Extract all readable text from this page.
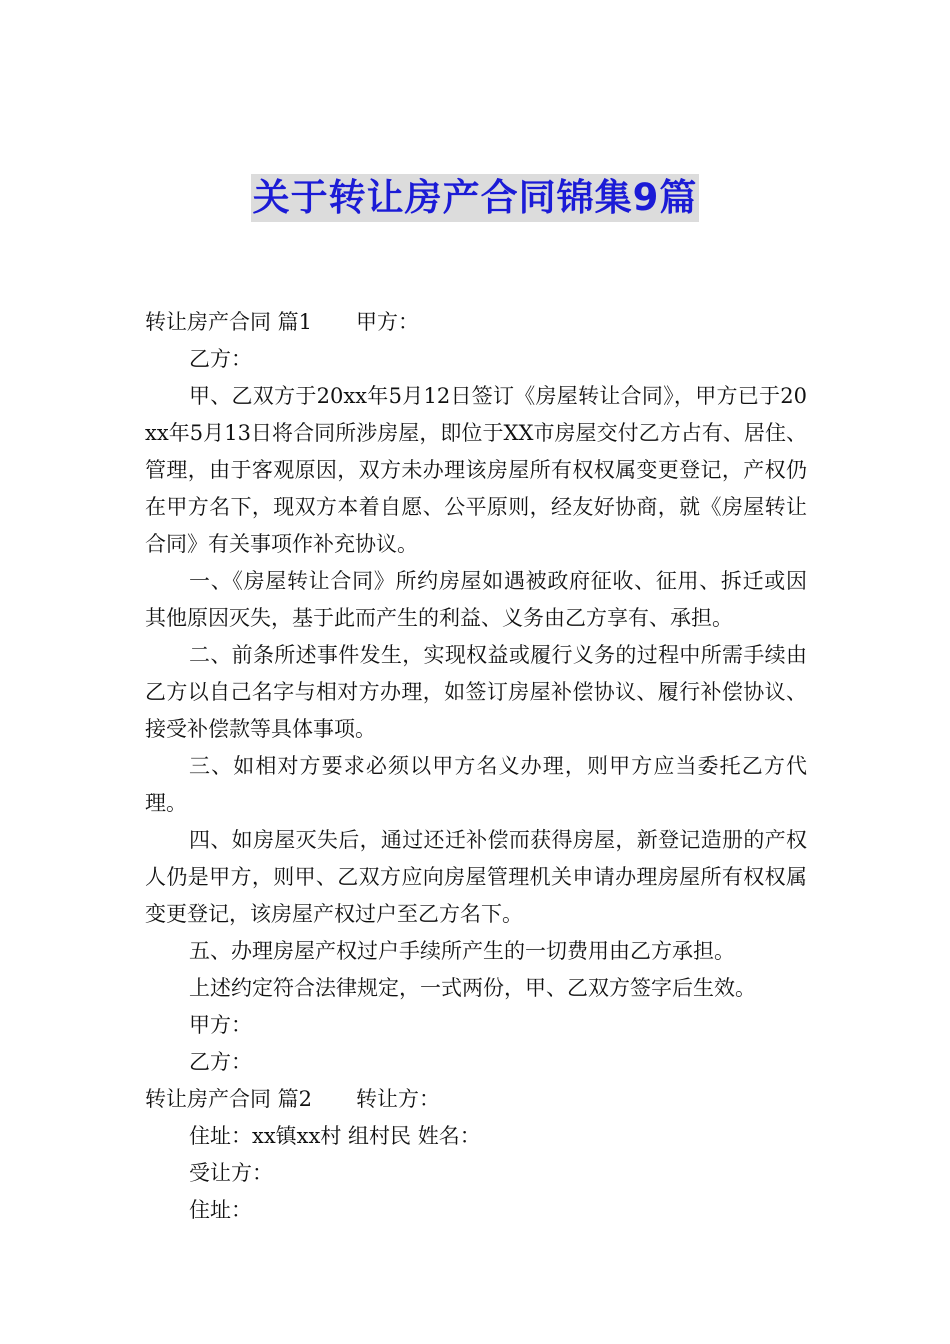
关于转让房产合同锦集9篇

转让房产合同 篇1 甲方：

乙方：

甲、乙双方于20xx年5月12日签订《房屋转让合同》，甲方已于20xx年5月13日将合同所涉房屋，即位于XX市房屋交付乙方占有、居住、管理，由于客观原因，双方未办理该房屋所有权权属变更登记，产权仍在甲方名下，现双方本着自愿、公平原则，经友好协商，就《房屋转让合同》有关事项作补充协议。

一、《房屋转让合同》所约房屋如遇被政府征收、征用、拆迁或因其他原因灭失，基于此而产生的利益、义务由乙方享有、承担。

二、前条所述事件发生，实现权益或履行义务的过程中所需手续由乙方以自己名字与相对方办理，如签订房屋补偿协议、履行补偿协议、接受补偿款等具体事项。

三、如相对方要求必须以甲方名义办理，则甲方应当委托乙方代理。

四、如房屋灭失后，通过还迁补偿而获得房屋，新登记造册的产权人仍是甲方，则甲、乙双方应向房屋管理机关申请办理房屋所有权权属变更登记，该房屋产权过户至乙方名下。

五、办理房屋产权过户手续所产生的一切费用由乙方承担。

上述约定符合法律规定，一式两份，甲、乙双方签字后生效。

甲方：

乙方：

转让房产合同 篇2 转让方：

住址：xx镇xx村 组村民 姓名：

受让方：

住址：
